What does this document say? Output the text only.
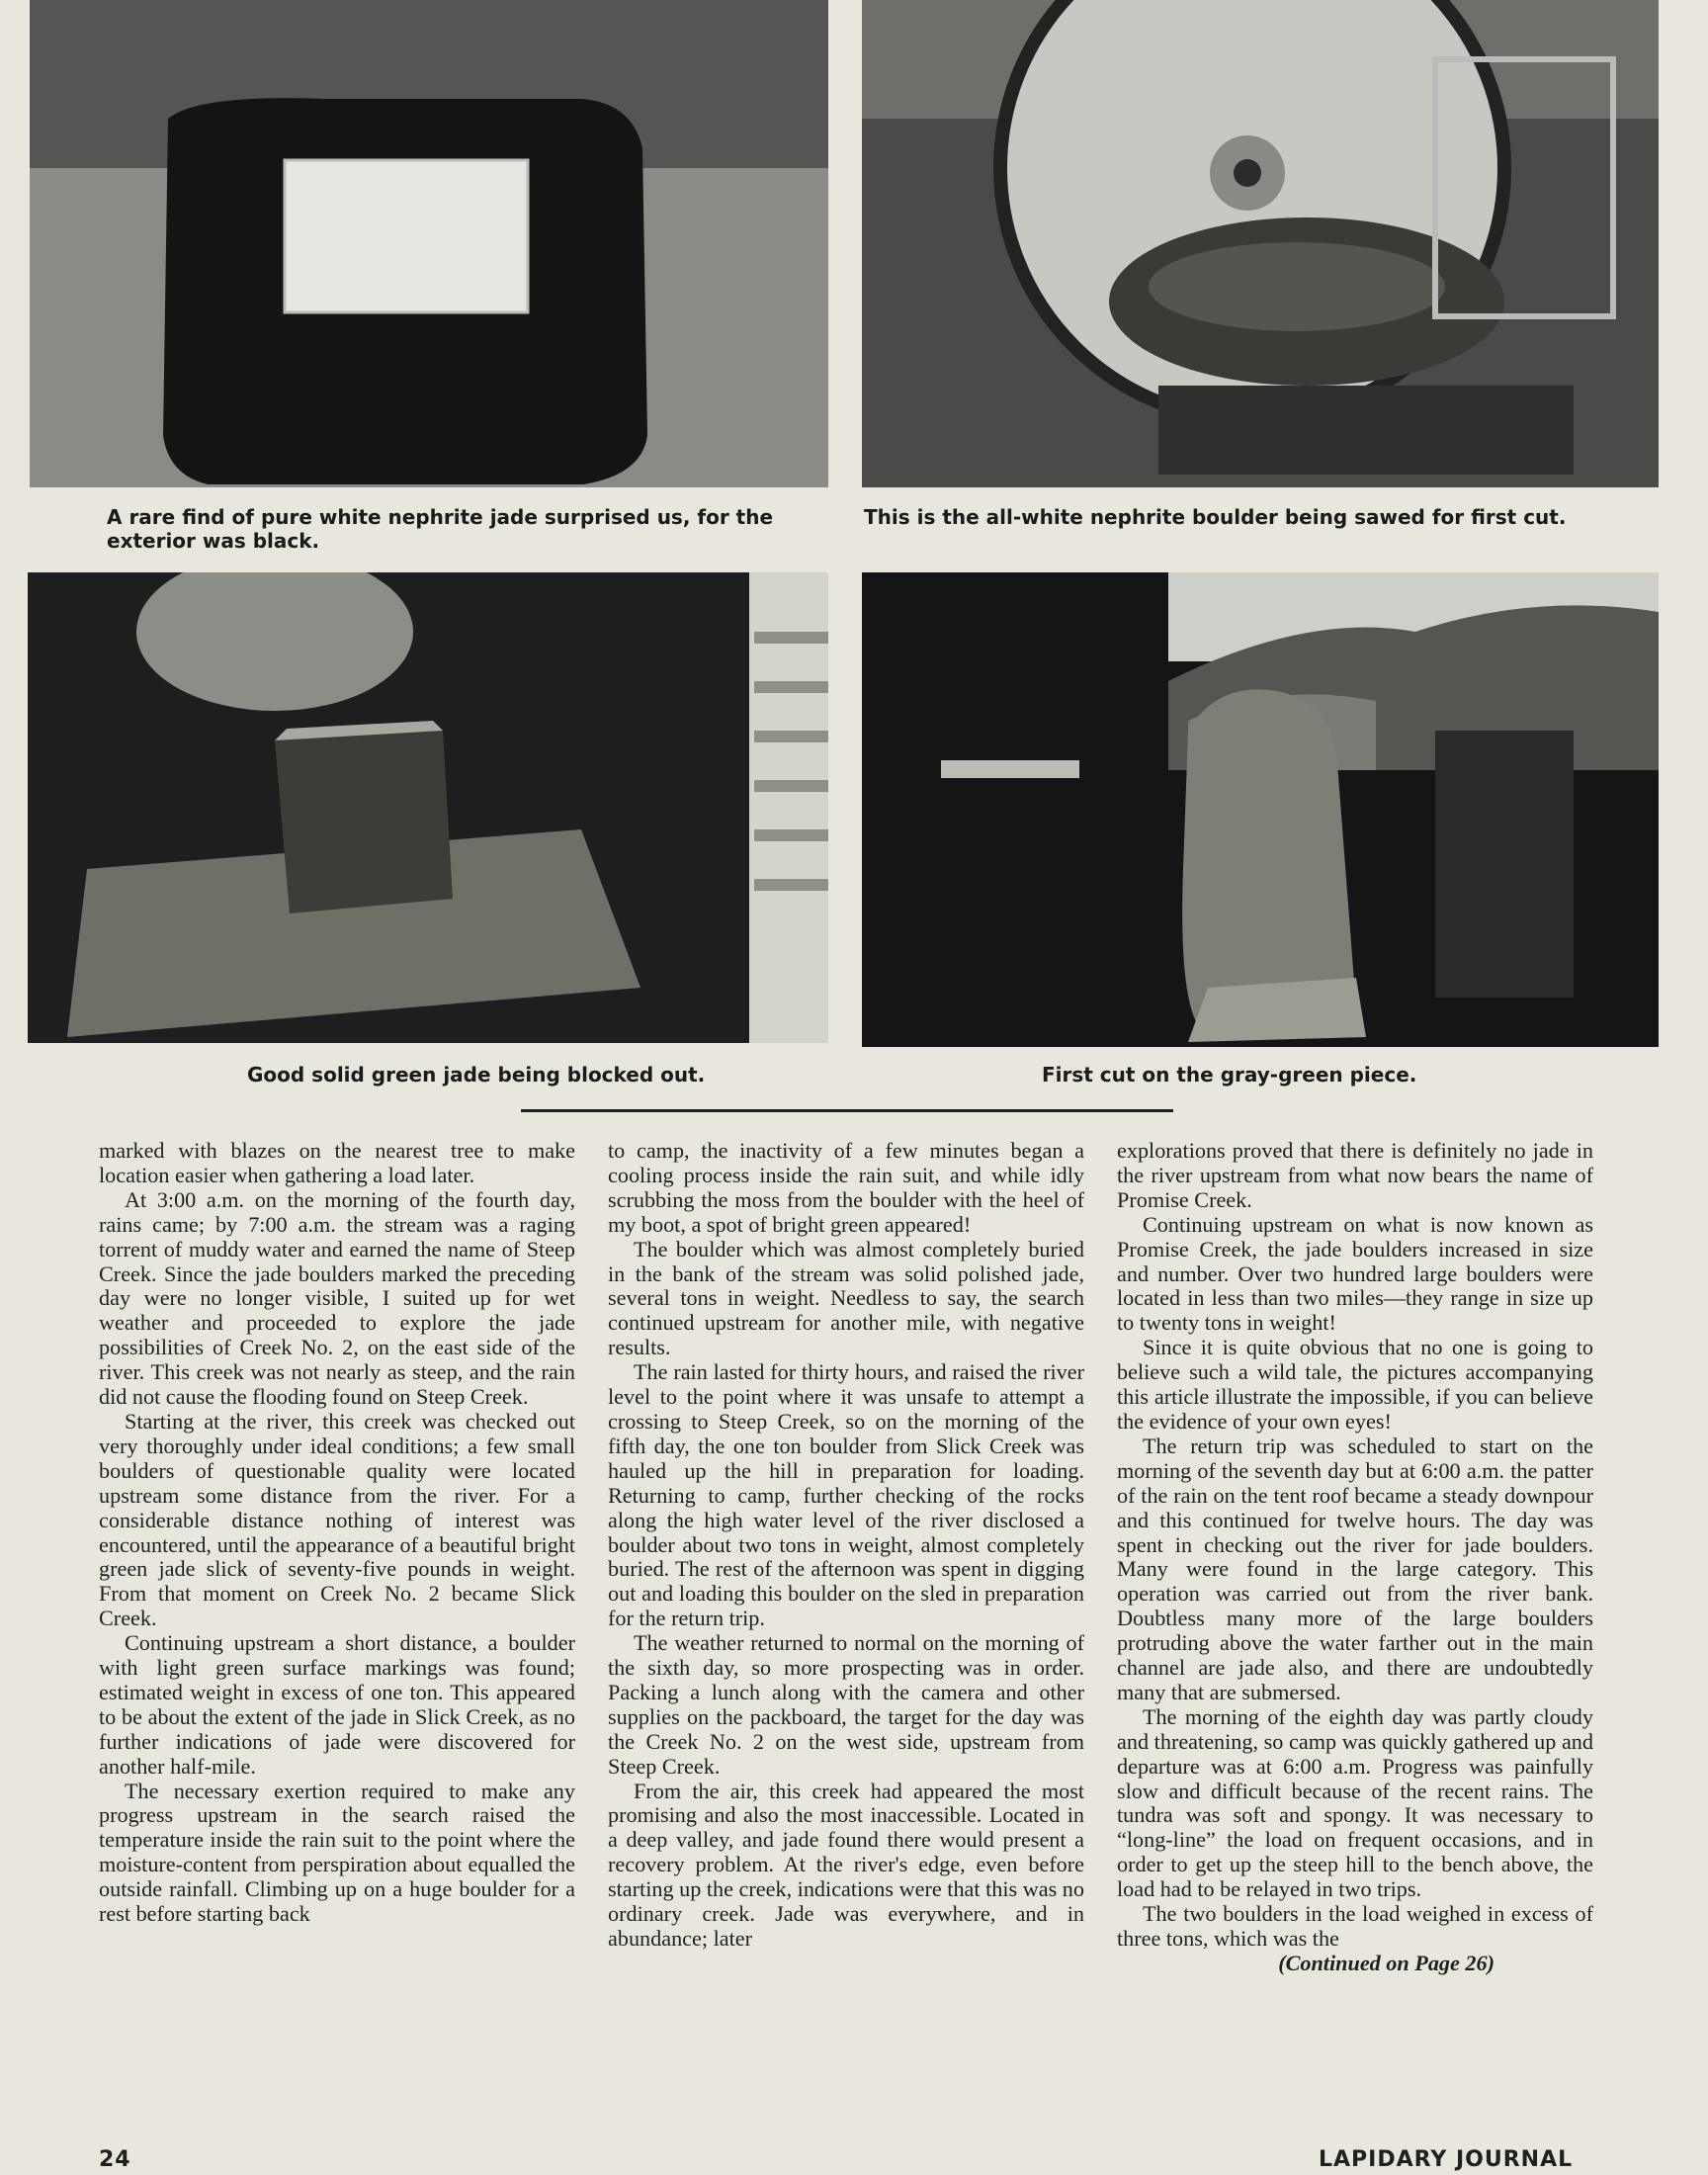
A rare find of pure white nephrite jade surprised us, for the exterior was black.
This is the all-white nephrite boulder being sawed for first cut.
Good solid green jade being blocked out.	First cut on the gray-green piece.

marked with blazes on the nearest tree to make location easier when gathering a load later.

At 3:00 a.m. on the morning of the fourth day, rains came; by 7:00 a.m. the stream was a raging torrent of muddy water and earned the name of Steep Creek. Since the jade boulders marked the preceding day were no longer visible, I suited up for wet weather and proceeded to explore the jade possibilities of Creek No. 2, on the east side of the river. This creek was not nearly as steep, and the rain did not cause the flooding found on Steep Creek.

Starting at the river, this creek was checked out very thoroughly under ideal conditions; a few small boulders of questionable quality were located upstream some distance from the river. For a considerable distance nothing of interest was encountered, until the appearance of a beautiful bright green jade slick of seventy-five pounds in weight. From that moment on Creek No. 2 became Slick Creek.

Continuing upstream a short distance, a boulder with light green surface markings was found; estimated weight in excess of one ton. This appeared to be about the extent of the jade in Slick Creek, as no further indications of jade were discovered for another half-mile.

The necessary exertion required to make any progress upstream in the search raised the temperature inside the rain suit to the point where the moisture-content from perspiration about equalled the outside rainfall. Climbing up on a huge boulder for a rest before starting back

to camp, the inactivity of a few minutes began a cooling process inside the rain suit, and while idly scrubbing the moss from the boulder with the heel of my boot, a spot of bright green appeared!

The boulder which was almost completely buried in the bank of the stream was solid polished jade, several tons in weight. Needless to say, the search continued upstream for another mile, with negative results.

The rain lasted for thirty hours, and raised the river level to the point where it was unsafe to attempt a crossing to Steep Creek, so on the morning of the fifth day, the one ton boulder from Slick Creek was hauled up the hill in preparation for loading. Returning to camp, further checking of the rocks along the high water level of the river disclosed a boulder about two tons in weight, almost completely buried. The rest of the afternoon was spent in digging out and loading this boulder on the sled in preparation for the return trip.

The weather returned to normal on the morning of the sixth day, so more prospecting was in order. Packing a lunch along with the camera and other supplies on the packboard, the target for the day was the Creek No. 2 on the west side, upstream from Steep Creek.

From the air, this creek had appeared the most promising and also the most inaccessible. Located in a deep valley, and jade found there would present a recovery problem. At the river's edge, even before starting up the creek, indications were that this was no ordinary creek. Jade was everywhere, and in abundance; later

explorations proved that there is definitely no jade in the river upstream from what now bears the name of Promise Creek.

Continuing upstream on what is now known as Promise Creek, the jade boulders increased in size and number. Over two hundred large boulders were located in less than two miles—they range in size up to twenty tons in weight!

Since it is quite obvious that no one is going to believe such a wild tale, the pictures accompanying this article illustrate the impossible, if you can believe the evidence of your own eyes!

The return trip was scheduled to start on the morning of the seventh day but at 6:00 a.m. the patter of the rain on the tent roof became a steady downpour and this continued for twelve hours. The day was spent in checking out the river for jade boulders. Many were found in the large category. This operation was carried out from the river bank. Doubtless many more of the large boulders protruding above the water farther out in the main channel are jade also, and there are undoubtedly many that are submersed.

The morning of the eighth day was partly cloudy and threatening, so camp was quickly gathered up and departure was at 6:00 a.m. Progress was painfully slow and difficult because of the recent rains. The tundra was soft and spongy. It was necessary to “long-line” the load on frequent occasions, and in order to get up the steep hill to the bench above, the load had to be relayed in two trips.

The two boulders in the load weighed in excess of three tons, which was the

(Continued on Page 26)

24	LAPIDARY JOURNAL
